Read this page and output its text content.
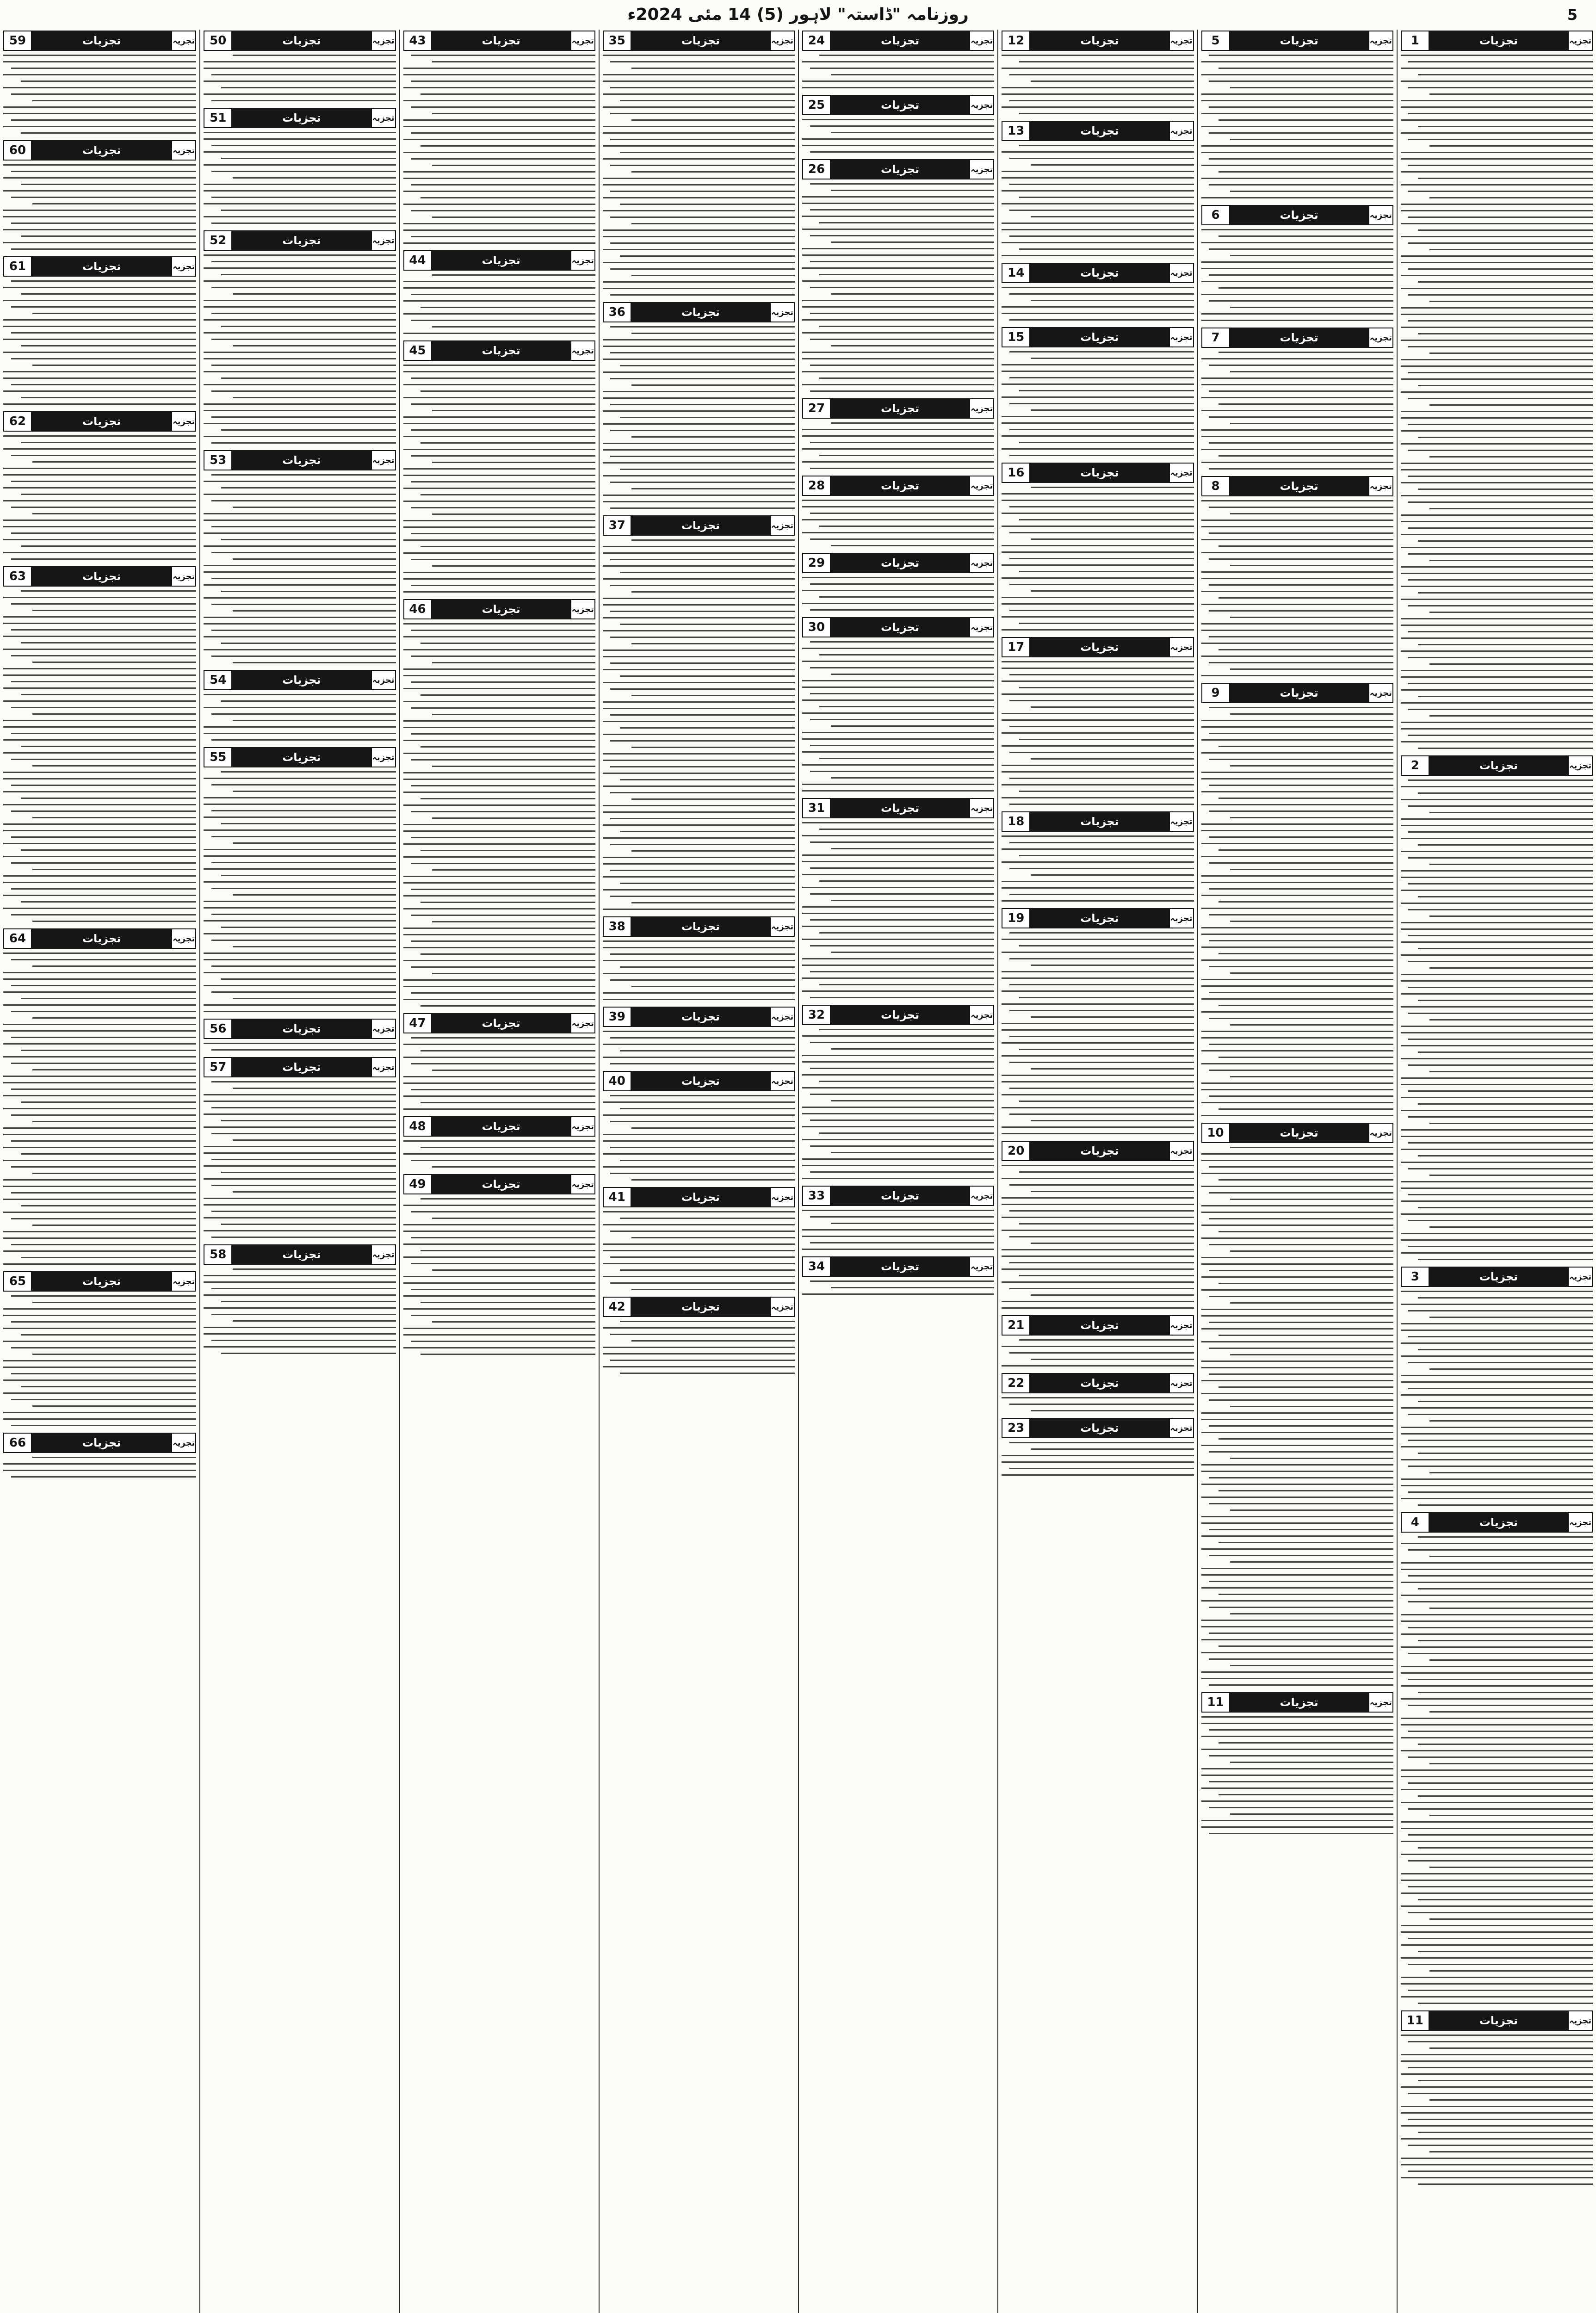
روزنامہ "ڈاستہ" لاہور (5) 14 مئی 2024ء	5
تجزیہ
تجزیات
1
تجزیہ
تجزیات
2
تجزیہ
تجزیات
3
تجزیہ
تجزیات
4
تجزیہ
تجزیات
11
تجزیہ
تجزیات
5
تجزیہ
تجزیات
6
تجزیہ
تجزیات
7
تجزیہ
تجزیات
8
تجزیہ
تجزیات
9
تجزیہ
تجزیات
10
تجزیہ
تجزیات
11
تجزیہ
تجزیات
12
تجزیہ
تجزیات
13
تجزیہ
تجزیات
14
تجزیہ
تجزیات
15
تجزیہ
تجزیات
16
تجزیہ
تجزیات
17
تجزیہ
تجزیات
18
تجزیہ
تجزیات
19
تجزیہ
تجزیات
20
تجزیہ
تجزیات
21
تجزیہ
تجزیات
22
تجزیہ
تجزیات
23
تجزیہ
تجزیات
24
تجزیہ
تجزیات
25
تجزیہ
تجزیات
26
تجزیہ
تجزیات
27
تجزیہ
تجزیات
28
تجزیہ
تجزیات
29
تجزیہ
تجزیات
30
تجزیہ
تجزیات
31
تجزیہ
تجزیات
32
تجزیہ
تجزیات
33
تجزیہ
تجزیات
34
تجزیہ
تجزیات
35
تجزیہ
تجزیات
36
تجزیہ
تجزیات
37
تجزیہ
تجزیات
38
تجزیہ
تجزیات
39
تجزیہ
تجزیات
40
تجزیہ
تجزیات
41
تجزیہ
تجزیات
42
تجزیہ
تجزیات
43
تجزیہ
تجزیات
44
تجزیہ
تجزیات
45
تجزیہ
تجزیات
46
تجزیہ
تجزیات
47
تجزیہ
تجزیات
48
تجزیہ
تجزیات
49
تجزیہ
تجزیات
50
تجزیہ
تجزیات
51
تجزیہ
تجزیات
52
تجزیہ
تجزیات
53
تجزیہ
تجزیات
54
تجزیہ
تجزیات
55
تجزیہ
تجزیات
56
تجزیہ
تجزیات
57
تجزیہ
تجزیات
58
تجزیہ
تجزیات
59
تجزیہ
تجزیات
60
تجزیہ
تجزیات
61
تجزیہ
تجزیات
62
تجزیہ
تجزیات
63
تجزیہ
تجزیات
64
تجزیہ
تجزیات
65
تجزیہ
تجزیات
66
